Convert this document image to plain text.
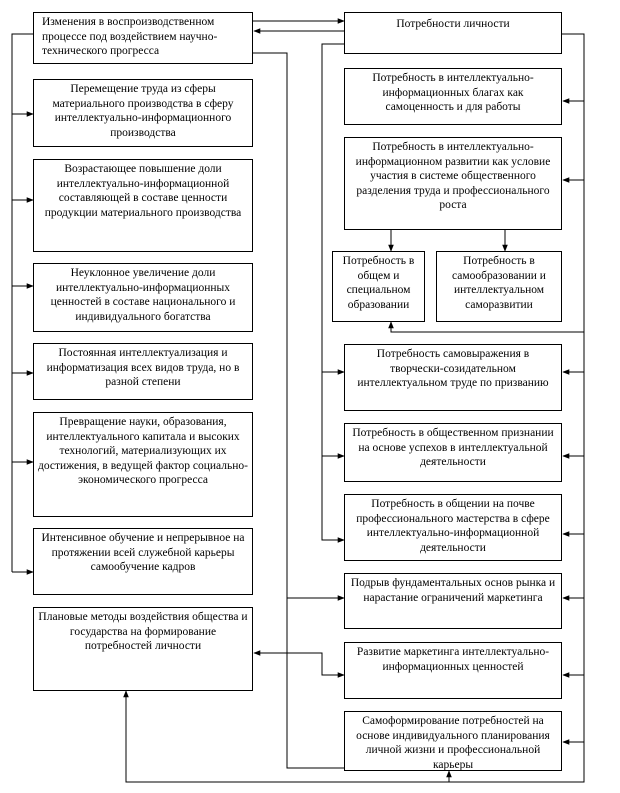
Изменения в воспроизводственном процессе под воздействием научно-технического прогресса
Перемещение труда из сферы материального производства в сферу интеллектуально-информационного производства
Возрастающее повышение доли интеллектуально-информационной составляющей в составе ценности продукции материального производства
Неуклонное увеличение доли интеллектуально-информационных ценностей в составе национального и индивидуального богатства
Постоянная интеллектуализация и информатизация всех видов труда, но в разной степени
Превращение науки, образования, интеллектуального капитала и высоких технологий, материализующих их достижения, в ведущей фактор социально-экономического прогресса
Интенсивное обучение и непрерывное на протяжении всей служебной карьеры самообучение кадров
Плановые методы воздействия общества и государства на формирование потребностей личности
Потребности личности
Потребность в интеллектуально-информационных благах как самоценность и для работы
Потребность в интеллектуально-информационном развитии как условие участия в системе общественного разделения труда и профессионального роста
Потребность в общем и специальном образовании
Потребность в самообразовании и интеллектуальном саморазвитии
Потребность самовыражения в творчески-созидательном интеллектуальном труде по призванию
Потребность в общественном признании на основе успехов в интеллектуальной деятельности
Потребность в общении на почве профессионального мастерства в сфере интеллектуально-информационной деятельности
Подрыв фундаментальных основ рынка и нарастание ограничений маркетинга
Развитие маркетинга интеллектуально-информационных ценностей
Самоформирование потребностей на основе индивидуального планирования личной жизни и профессиональной карьеры
